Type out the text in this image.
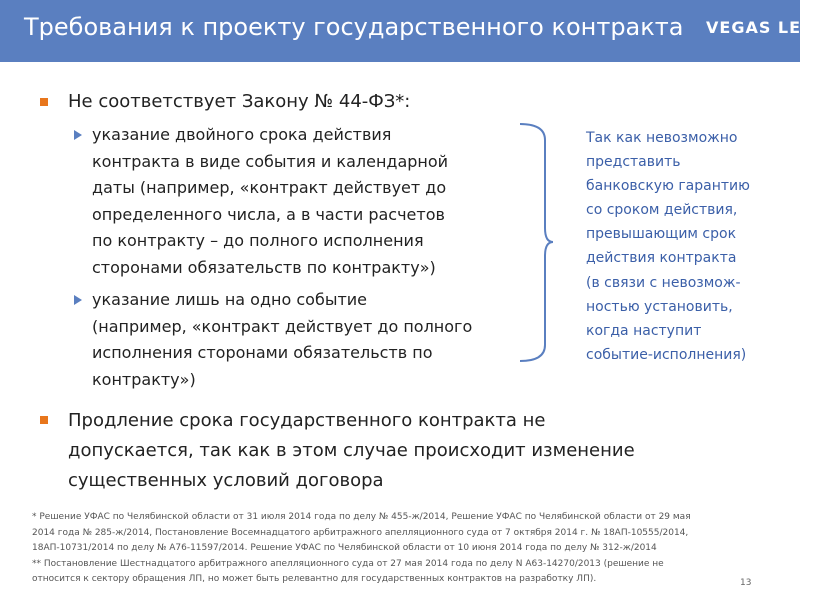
Требования к проекту государственного контракта VEGAS LEX
Не соответствует Закону № 44-ФЗ*:
указание двойного срока действия
контракта в виде события и календарной
даты (например, «контракт действует до
определенного числа, а в части расчетов
по контракту – до полного исполнения
сторонами обязательств по контракту»)
указание лишь на одно событие
(например, «контракт действует до полного
исполнения сторонами обязательств по
контракту»)
Так как невозможно
представить
банковскую гарантию
со сроком действия,
превышающим срок
действия контракта
(в связи с невозмож-
ностью установить,
когда наступит
событие-исполнения)
Продление срока государственного контракта не
допускается, так как в этом случае происходит изменение
существенных условий договора
* Решение УФАС по Челябинской области от 31 июля 2014 года по делу № 455-ж/2014, Решение УФАС по Челябинской области от 29 мая
2014 года № 285-ж/2014, Постановление Восемнадцатого арбитражного апелляционного суда от 7 октября 2014 г. № 18АП-10555/2014,
18АП-10731/2014 по делу № А76-11597/2014. Решение УФАС по Челябинской области от 10 июня 2014 года по делу № 312-ж/2014
** Постановление Шестнадцатого арбитражного апелляционного суда от 27 мая 2014 года по делу N А63-14270/2013 (решение не
относится к сектору обращения ЛП, но может быть релевантно для государственных контрактов на разработку ЛП).	13
